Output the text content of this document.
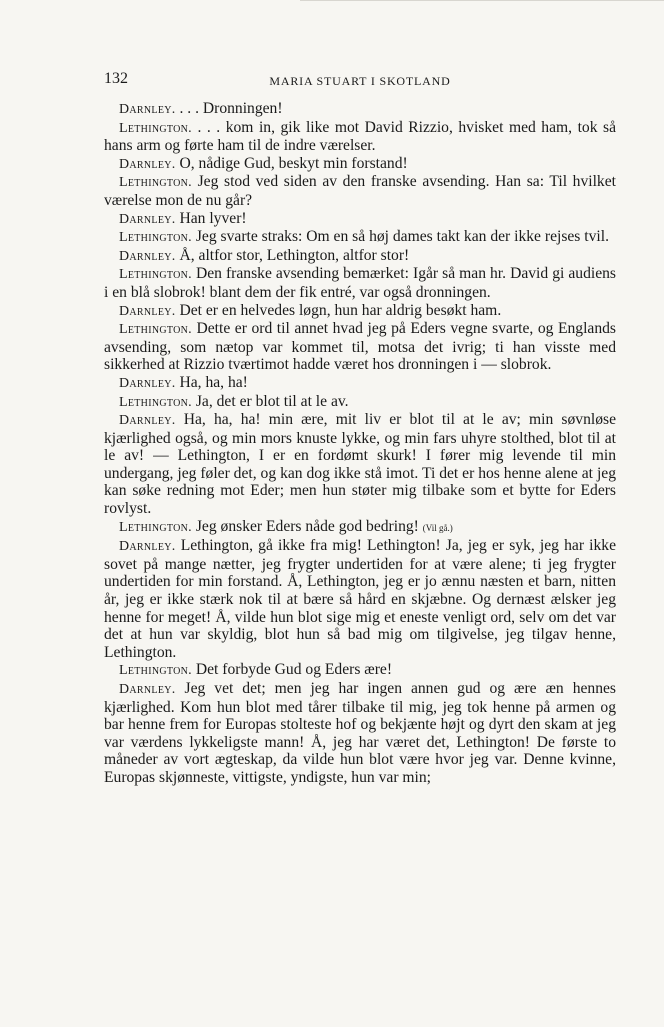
132	MARIA STUART I SKOTLAND

Darnley. . . . Dronningen!

Lethington. . . . kom in, gik like mot David Rizzio, hvisket med ham, tok så hans arm og førte ham til de indre værelser.

Darnley. O, nådige Gud, beskyt min forstand!

Lethington. Jeg stod ved siden av den franske avsending. Han sa: Til hvilket værelse mon de nu går?

Darnley. Han lyver!

Lethington. Jeg svarte straks: Om en så høj dames takt kan der ikke rejses tvil.

Darnley. Å, altfor stor, Lethington, altfor stor!

Lethington. Den franske avsending bemærket: Igår så man hr. David gi audiens i en blå slobrok! blant dem der fik entré, var også dronningen.

Darnley. Det er en helvedes løgn, hun har aldrig besøkt ham.

Lethington. Dette er ord til annet hvad jeg på Eders vegne svarte, og Englands avsending, som nætop var kommet til, motsa det ivrig; ti han visste med sikkerhed at Rizzio tværtimot hadde været hos dronningen i — slobrok.

Darnley. Ha, ha, ha!

Lethington. Ja, det er blot til at le av.

Darnley. Ha, ha, ha! min ære, mit liv er blot til at le av; min søvnløse kjærlighed også, og min mors knuste lykke, og min fars uhyre stolthed, blot til at le av! — Lethington, I er en fordømt skurk! I fører mig levende til min undergang, jeg føler det, og kan dog ikke stå imot. Ti det er hos henne alene at jeg kan søke redning mot Eder; men hun støter mig tilbake som et bytte for Eders rovlyst.

Lethington. Jeg ønsker Eders nåde god bedring! (Vil gå.)

Darnley. Lethington, gå ikke fra mig! Lethington! Ja, jeg er syk, jeg har ikke sovet på mange nætter, jeg frygter undertiden for at være alene; ti jeg frygter undertiden for min forstand. Å, Lethington, jeg er jo ænnu næsten et barn, nitten år, jeg er ikke stærk nok til at bære så hård en skjæbne. Og dernæst ælsker jeg henne for meget! Å, vilde hun blot sige mig et eneste venligt ord, selv om det var det at hun var skyldig, blot hun så bad mig om tilgivelse, jeg tilgav henne, Lethington.

Lethington. Det forbyde Gud og Eders ære!

Darnley. Jeg vet det; men jeg har ingen annen gud og ære æn hennes kjærlighed. Kom hun blot med tårer tilbake til mig, jeg tok henne på armen og bar henne frem for Europas stolteste hof og bekjænte højt og dyrt den skam at jeg var værdens lykkeligste mann! Å, jeg har været det, Lethington! De første to måneder av vort ægteskap, da vilde hun blot være hvor jeg var. Denne kvinne, Europas skjønneste, vittigste, yndigste, hun var min;
